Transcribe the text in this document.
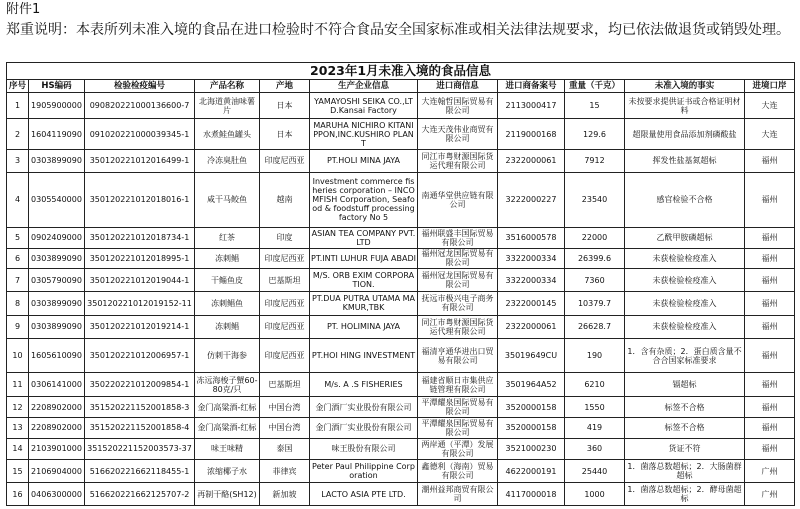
附件1
郑重说明：本表所列未准入境的食品在进口检验时不符合食品安全国家标准或相关法律法规要求，均已依法做退货或销毁处理。
2023年1月未准入境的食品信息										
序号	HS编码	检验检疫编号	产品名称	产地	生产企业信息	进口商信息	进口商备案号	重量（千克）	未准入境的事实	进境口岸
1	1905900000	090820221000136600-7	北海道黄油味薯片	日本	YAMAYOSHI SEIKA CO.,LTD.Kansai Factory	大连翰哲国际贸易有限公司	2113000417	15	未按要求提供证书或合格证明材料	大连
2	1604119090	091020221000039345-1	水煮鲑鱼罐头	日本	MARUHA NICHIRO KITANIPPON,INC.KUSHIRO PLANT	大连天茂伟业商贸有限公司	2119000168	129.6	超限量使用食品添加剂磷酸盐	大连
3	0303899090	350120221012016499-1	冷冻臭肚鱼	印度尼西亚	PT.HOLI MINA JAYA	同江市粤财源国际货运代理有限公司	2322000061	7912	挥发性盐基氮超标	福州
4	0305540000	350120221012018016-1	咸干马鲛鱼	越南	Investment commerce fisheries corporation – INCOMFISH Corporation, Seafood & foodstuff processing factory No 5	南通华堂供应链有限公司	3222000227	23540	感官检验不合格	福州
5	0902409000	350120221012018734-1	红茶	印度	ASIAN TEA COMPANY PVT.LTD	福州联盛丰国际贸易有限公司	3516000578	22000	乙酰甲胺磷超标	福州
6	0303899090	350120221012018995-1	冻刺鲳	印度尼西亚	PT.INTI LUHUR FUJA ABADI	福州冠龙国际贸易有限公司	3322000334	26399.6	未获检验检疫准入	福州
7	0305790090	350120221012019044-1	干鲻鱼皮	巴基斯坦	M/S. ORB EXIM CORPORATION.	福州冠龙国际贸易有限公司	3322000334	7360	未获检验检疫准入	福州
8	0303899090	350120221012019152-11	冻刺鲳鱼	印度尼西亚	PT.DUA PUTRA UTAMA MAKMUR,TBK	抚远市极兴电子商务有限公司	2322000145	10379.7	未获检验检疫准入	福州
9	0303899090	350120221012019214-1	冻刺鲳	印度尼西亚	PT. HOLIMINA JAYA	同江市粤财源国际货运代理有限公司	2322000061	26628.7	未获检验检疫准入	福州
10	1605610090	350120221012006957-1	仿刺干海参	印度尼西亚	PT.HOI HING INVESTMENT	福清亨通华进出口贸易有限公司	35019649CU	190	1．含有杂质；2．蛋白质含量不合合国家标准要求	福州
11	0306141000	350220221012009854-1	冻远海梭子蟹60-80克/只	巴基斯坦	M/s. A .S FISHERIES	福建省顺日市集供应链管理有限公司	3501964A52	6210	镉超标	福州
12	2208902000	351520221152001858-3	金门高粱酒-红标	中国台湾	金门酒厂实业股份有限公司	平潭耀泉国际贸易有限公司	3520000158	1550	标签不合格	福州
13	2208902000	351520221152001858-4	金门高粱酒-红标	中国台湾	金门酒厂实业股份有限公司	平潭耀泉国际贸易有限公司	3520000158	419	标签不合格	福州
14	2103901000	351520221152003573-37	味王味精	泰国	味王股份有限公司	两岸通（平潭）发展有限公司	3521000230	360	货证不符	福州
15	2106904000	516620221662118455-1	浓缩椰子水	菲律宾	Peter Paul Philippine Corporation	鑫德利（海南）贸易有限公司	4622000191	25440	1．菌落总数超标；2．大肠菌群超标	广州
16	0406300000	516620221662125707-2	再制干酪(SH12)	新加坡	LACTO ASIA PTE LTD.	潮州益邦商贸有限公司	4117000018	1000	1．菌落总数超标；2．酵母菌超标	广州
